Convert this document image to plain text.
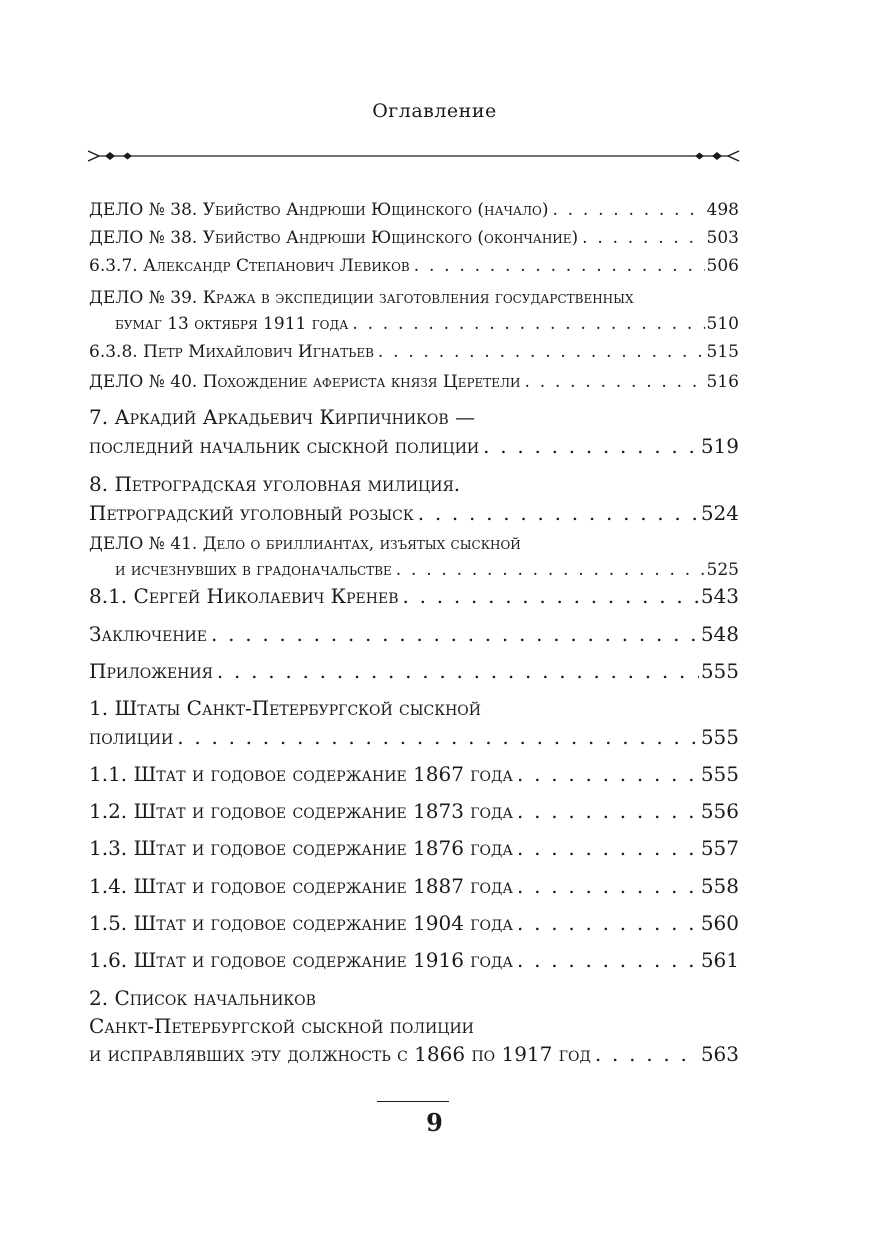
Оглавление
ДЕЛО № 38. Убийство Андрюши Ющинского (начало) . . .	498
ДЕЛО № 38. Убийство Андрюши Ющинского (окончание) . . .	503
6.3.7. Александр Степанович Левиков . . .	506
ДЕЛО № 39. Кража в экспедиции заготовления государственных
бумаг 13 октября 1911 года . . .	510
6.3.8. Петр Михайлович Игнатьев . . .	515
ДЕЛО № 40. Похождение афериста князя Церетели . . .	516
7. Аркадий Аркадьевич Кирпичников —
последний начальник сыскной полиции . . .	519
8. Петроградская уголовная милиция.
Петроградский уголовный розыск . . .	524
ДЕЛО № 41. Дело о бриллиантах, изъятых сыскной
и исчезнувших в градоначальстве . . .	525
8.1. Сергей Николаевич Кренев . . .	543
Заключение . . .	548
Приложения . . .	555
1. Штаты Санкт-Петербургской сыскной
полиции . . .	555
1.1. Штат и годовое содержание 1867 года . . .	555
1.2. Штат и годовое содержание 1873 года . . .	556
1.3. Штат и годовое содержание 1876 года . . .	557
1.4. Штат и годовое содержание 1887 года . . .	558
1.5. Штат и годовое содержание 1904 года . . .	560
1.6. Штат и годовое содержание 1916 года . . .	561
2. Список начальников
Санкт-Петербургской сыскной полиции
и исправлявших эту должность с 1866 по 1917 год . . .	563
9
